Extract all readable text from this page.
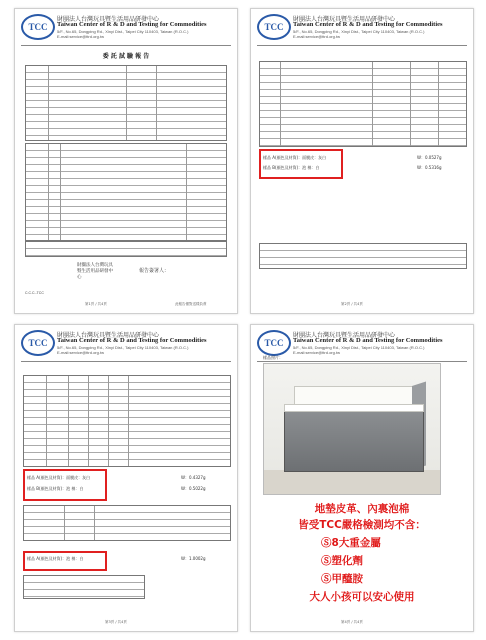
TCC
財團法人台灣玩具暨生活用品研發中心
Taiwan Center of R & D and Testing for Commodities
5/F., No.65, Dongping Rd., Xinyi Dist., Taipei City 110403, Taiwan (R.O.C.)
E-mail:service@ttrd.org.tw
委 託 試 驗 報 告
財團法人台灣玩具暨生活用品研發中心
報告簽署人：
C.C.C.-TCC
第1頁 / 共4頁	此報告僅對送樣負責
TCC
財團法人台灣玩具暨生活用品研發中心
Taiwan Center of R & D and Testing for Commodities
5/F., No.65, Dongping Rd., Xinyi Dist., Taipei City 110403, Taiwan (R.O.C.)
E-mail:service@ttrd.org.tw
樣品 A(顏色及材質)：面膜皮：灰白
樣品 B(顏色及材質)：泡 棉：白
W：0.0527g
W：0.5316g
第2頁 / 共4頁
TCC
財團法人台灣玩具暨生活用品研發中心
Taiwan Center of R & D and Testing for Commodities
5/F., No.65, Dongping Rd., Xinyi Dist., Taipei City 110403, Taiwan (R.O.C.)
E-mail:service@ttrd.org.tw
樣品 A(顏色及材質)：面膜皮：灰白
樣品 B(顏色及材質)：泡 棉：白
W：0.4327g
W：0.5022g
樣品 A(顏色及材質)：泡 棉：白	W：1.0002g
第3頁 / 共4頁
TCC
財團法人台灣玩具暨生活用品研發中心
Taiwan Center of R & D and Testing for Commodities
5/F., No.65, Dongping Rd., Xinyi Dist., Taipei City 110403, Taiwan (R.O.C.)
E-mail:service@ttrd.org.tw
樣品照片：
地墊皮革、內裏泡棉
皆受TCC嚴格檢測均不含：
Ⓢ8大重金屬
Ⓢ塑化劑
Ⓢ甲醯胺
大人小孩可以安心使用
第4頁 / 共4頁
